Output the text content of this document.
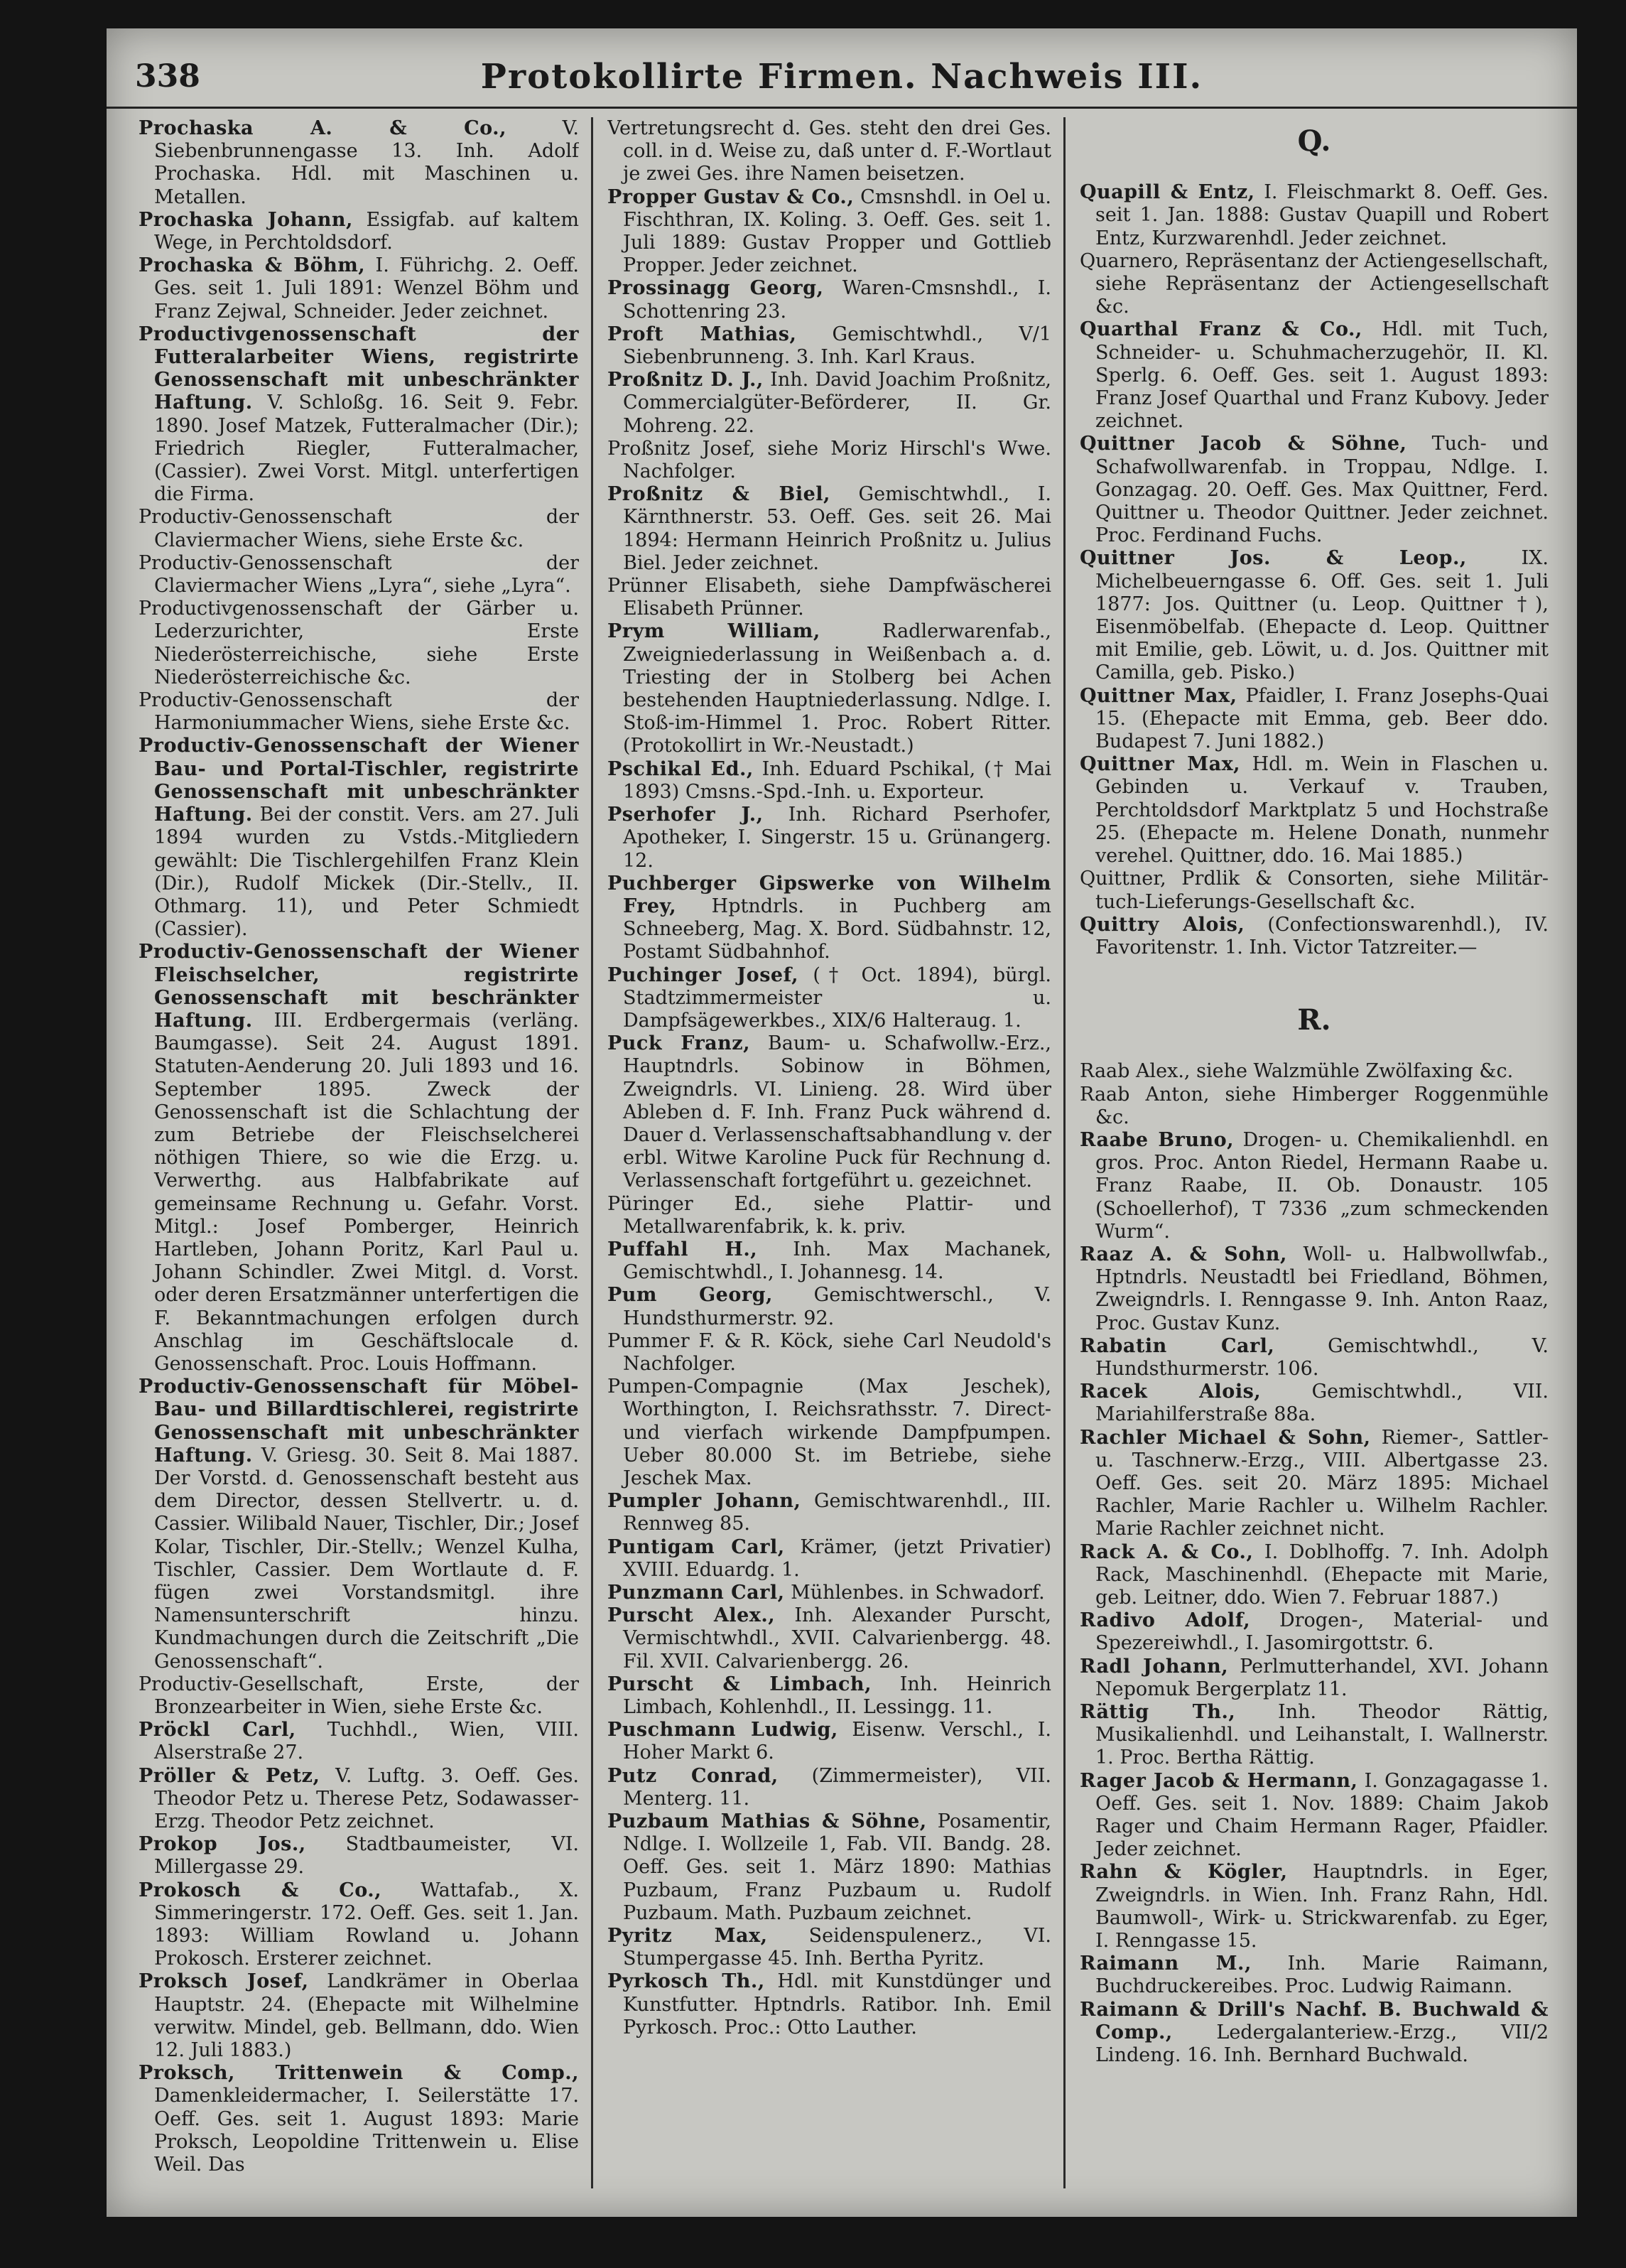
338	Protokollirte Firmen. Nachweis III.

Prochaska A. & Co., V. Siebenbrunnengasse 13. Inh. Adolf Prochaska. Hdl. mit Maschinen u. Metallen.

Prochaska Johann, Essigfab. auf kaltem Wege, in Perchtoldsdorf.

Prochaska & Böhm, I. Führichg. 2. Oeff. Ges. seit 1. Juli 1891: Wenzel Böhm und Franz Zejwal, Schneider. Jeder zeichnet.

Productivgenossenschaft der Futteralarbeiter Wiens, registrirte Genossenschaft mit unbeschränkter Haftung. V. Schloßg. 16. Seit 9. Febr. 1890. Josef Matzek, Futteralmacher (Dir.); Friedrich Riegler, Futteralmacher, (Cassier). Zwei Vorst. Mitgl. unterfertigen die Firma.

Productiv-Genossenschaft der Claviermacher Wiens, siehe Erste &c.

Productiv-Genossenschaft der Claviermacher Wiens „Lyra“, siehe „Lyra“.

Productivgenossenschaft der Gärber u. Lederzurichter, Erste Niederösterreichische, siehe Erste Niederösterreichische &c.

Productiv-Genossenschaft der Harmoniummacher Wiens, siehe Erste &c.

Productiv-Genossenschaft der Wiener Bau- und Portal-Tischler, registrirte Genossenschaft mit unbeschränkter Haftung. Bei der constit. Vers. am 27. Juli 1894 wurden zu Vstds.-Mitgliedern gewählt: Die Tischlergehilfen Franz Klein (Dir.), Rudolf Mickek (Dir.-Stellv., II. Othmarg. 11), und Peter Schmiedt (Cassier).

Productiv-Genossenschaft der Wiener Fleischselcher, registrirte Genossenschaft mit beschränkter Haftung. III. Erdbergermais (verläng. Baumgasse). Seit 24. August 1891. Statuten-Aenderung 20. Juli 1893 und 16. September 1895. Zweck der Genossenschaft ist die Schlachtung der zum Betriebe der Fleischselcherei nöthigen Thiere, so wie die Erzg. u. Verwerthg. aus Halbfabrikate auf gemeinsame Rechnung u. Gefahr. Vorst. Mitgl.: Josef Pomberger, Heinrich Hartleben, Johann Poritz, Karl Paul u. Johann Schindler. Zwei Mitgl. d. Vorst. oder deren Ersatzmänner unterfertigen die F. Bekanntmachungen erfolgen durch Anschlag im Geschäftslocale d. Genossenschaft. Proc. Louis Hoffmann.

Productiv-Genossenschaft für Möbel-Bau- und Billardtischlerei, registrirte Genossenschaft mit unbeschränkter Haftung. V. Griesg. 30. Seit 8. Mai 1887. Der Vorstd. d. Genossenschaft besteht aus dem Director, dessen Stellvertr. u. d. Cassier. Wilibald Nauer, Tischler, Dir.; Josef Kolar, Tischler, Dir.-Stellv.; Wenzel Kulha, Tischler, Cassier. Dem Wortlaute d. F. fügen zwei Vorstandsmitgl. ihre Namensunterschrift hinzu. Kundmachungen durch die Zeitschrift „Die Genossenschaft“.

Productiv-Gesellschaft, Erste, der Bronzearbeiter in Wien, siehe Erste &c.

Pröckl Carl, Tuchhdl., Wien, VIII. Alserstraße 27.

Pröller & Petz, V. Luftg. 3. Oeff. Ges. Theodor Petz u. Therese Petz, Sodawasser-Erzg. Theodor Petz zeichnet.

Prokop Jos., Stadtbaumeister, VI. Millergasse 29.

Prokosch & Co., Wattafab., X. Simmeringerstr. 172. Oeff. Ges. seit 1. Jan. 1893: William Rowland u. Johann Prokosch. Ersterer zeichnet.

Proksch Josef, Landkrämer in Oberlaa Hauptstr. 24. (Ehepacte mit Wilhelmine verwitw. Mindel, geb. Bellmann, ddo. Wien 12. Juli 1883.)

Proksch, Trittenwein & Comp., Damenkleidermacher, I. Seilerstätte 17. Oeff. Ges. seit 1. August 1893: Marie Proksch, Leopoldine Trittenwein u. Elise Weil. Das

Vertretungsrecht d. Ges. steht den drei Ges. coll. in d. Weise zu, daß unter d. F.-Wortlaut je zwei Ges. ihre Namen beisetzen.

Propper Gustav & Co., Cmsnshdl. in Oel u. Fischthran, IX. Koling. 3. Oeff. Ges. seit 1. Juli 1889: Gustav Propper und Gottlieb Propper. Jeder zeichnet.

Prossinagg Georg, Waren-Cmsnshdl., I. Schottenring 23.

Proft Mathias, Gemischtwhdl., V/1 Siebenbrunneng. 3. Inh. Karl Kraus.

Proßnitz D. J., Inh. David Joachim Proßnitz, Commercialgüter-Beförderer, II. Gr. Mohreng. 22.

Proßnitz Josef, siehe Moriz Hirschl's Wwe. Nachfolger.

Proßnitz & Biel, Gemischtwhdl., I. Kärnthnerstr. 53. Oeff. Ges. seit 26. Mai 1894: Hermann Heinrich Proßnitz u. Julius Biel. Jeder zeichnet.

Prünner Elisabeth, siehe Dampfwäscherei Elisabeth Prünner.

Prym William, Radlerwarenfab., Zweigniederlassung in Weißenbach a. d. Triesting der in Stolberg bei Achen bestehenden Hauptniederlassung. Ndlge. I. Stoß-im-Himmel 1. Proc. Robert Ritter. (Protokollirt in Wr.-Neustadt.)

Pschikal Ed., Inh. Eduard Pschikal, († Mai 1893) Cmsns.-Spd.-Inh. u. Exporteur.

Pserhofer J., Inh. Richard Pserhofer, Apotheker, I. Singerstr. 15 u. Grünangerg. 12.

Puchberger Gipswerke von Wilhelm Frey, Hptndrls. in Puchberg am Schneeberg, Mag. X. Bord. Südbahnstr. 12, Postamt Südbahnhof.

Puchinger Josef, († Oct. 1894), bürgl. Stadtzimmermeister u. Dampfsägewerkbes., XIX/6 Halteraug. 1.

Puck Franz, Baum- u. Schafwollw.-Erz., Hauptndrls. Sobinow in Böhmen, Zweigndrls. VI. Linieng. 28. Wird über Ableben d. F. Inh. Franz Puck während d. Dauer d. Verlassenschaftsabhandlung v. der erbl. Witwe Karoline Puck für Rechnung d. Verlassenschaft fortgeführt u. gezeichnet.

Püringer Ed., siehe Plattir- und Metallwarenfabrik, k. k. priv.

Puffahl H., Inh. Max Machanek, Gemischtwhdl., I. Johannesg. 14.

Pum Georg, Gemischtwerschl., V. Hundsthurmerstr. 92.

Pummer F. & R. Köck, siehe Carl Neudold's Nachfolger.

Pumpen-Compagnie (Max Jeschek), Worthington, I. Reichsrathsstr. 7. Direct- und vierfach wirkende Dampfpumpen. Ueber 80.000 St. im Betriebe, siehe Jeschek Max.

Pumpler Johann, Gemischtwarenhdl., III. Rennweg 85.

Puntigam Carl, Krämer, (jetzt Privatier) XVIII. Eduardg. 1.

Punzmann Carl, Mühlenbes. in Schwadorf.

Purscht Alex., Inh. Alexander Purscht, Vermischtwhdl., XVII. Calvarienbergg. 48. Fil. XVII. Calvarienbergg. 26.

Purscht & Limbach, Inh. Heinrich Limbach, Kohlenhdl., II. Lessingg. 11.

Puschmann Ludwig, Eisenw. Verschl., I. Hoher Markt 6.

Putz Conrad, (Zimmermeister), VII. Menterg. 11.

Puzbaum Mathias & Söhne, Posamentir, Ndlge. I. Wollzeile 1, Fab. VII. Bandg. 28. Oeff. Ges. seit 1. März 1890: Mathias Puzbaum, Franz Puzbaum u. Rudolf Puzbaum. Math. Puzbaum zeichnet.

Pyritz Max, Seidenspulenerz., VI. Stumpergasse 45. Inh. Bertha Pyritz.

Pyrkosch Th., Hdl. mit Kunstdünger und Kunstfutter. Hptndrls. Ratibor. Inh. Emil Pyrkosch. Proc.: Otto Lauther.

Q.

Quapill & Entz, I. Fleischmarkt 8. Oeff. Ges. seit 1. Jan. 1888: Gustav Quapill und Robert Entz, Kurzwarenhdl. Jeder zeichnet.

Quarnero, Repräsentanz der Actiengesellschaft, siehe Repräsentanz der Actiengesellschaft &c.

Quarthal Franz & Co., Hdl. mit Tuch, Schneider- u. Schuhmacherzugehör, II. Kl. Sperlg. 6. Oeff. Ges. seit 1. August 1893: Franz Josef Quarthal und Franz Kubovy. Jeder zeichnet.

Quittner Jacob & Söhne, Tuch- und Schafwollwarenfab. in Troppau, Ndlge. I. Gonzagag. 20. Oeff. Ges. Max Quittner, Ferd. Quittner u. Theodor Quittner. Jeder zeichnet. Proc. Ferdinand Fuchs.

Quittner Jos. & Leop., IX. Michelbeuerngasse 6. Off. Ges. seit 1. Juli 1877: Jos. Quittner (u. Leop. Quittner †), Eisenmöbelfab. (Ehepacte d. Leop. Quittner mit Emilie, geb. Löwit, u. d. Jos. Quittner mit Camilla, geb. Pisko.)

Quittner Max, Pfaidler, I. Franz Josephs-Quai 15. (Ehepacte mit Emma, geb. Beer ddo. Budapest 7. Juni 1882.)

Quittner Max, Hdl. m. Wein in Flaschen u. Gebinden u. Verkauf v. Trauben, Perchtoldsdorf Marktplatz 5 und Hochstraße 25. (Ehepacte m. Helene Donath, nunmehr verehel. Quittner, ddo. 16. Mai 1885.)

Quittner, Prdlik & Consorten, siehe Militär-tuch-Lieferungs-Gesellschaft &c.

Quittry Alois, (Confectionswarenhdl.), IV. Favoritenstr. 1. Inh. Victor Tatzreiter.—

R.

Raab Alex., siehe Walzmühle Zwölfaxing &c.

Raab Anton, siehe Himberger Roggenmühle &c.

Raabe Bruno, Drogen- u. Chemikalienhdl. en gros. Proc. Anton Riedel, Hermann Raabe u. Franz Raabe, II. Ob. Donaustr. 105 (Schoellerhof), T 7336 „zum schmeckenden Wurm“.

Raaz A. & Sohn, Woll- u. Halbwollwfab., Hptndrls. Neustadtl bei Friedland, Böhmen, Zweigndrls. I. Renngasse 9. Inh. Anton Raaz, Proc. Gustav Kunz.

Rabatin Carl, Gemischtwhdl., V. Hundsthurmerstr. 106.

Racek Alois, Gemischtwhdl., VII. Mariahilferstraße 88a.

Rachler Michael & Sohn, Riemer-, Sattler- u. Taschnerw.-Erzg., VIII. Albertgasse 23. Oeff. Ges. seit 20. März 1895: Michael Rachler, Marie Rachler u. Wilhelm Rachler. Marie Rachler zeichnet nicht.

Rack A. & Co., I. Doblhoffg. 7. Inh. Adolph Rack, Maschinenhdl. (Ehepacte mit Marie, geb. Leitner, ddo. Wien 7. Februar 1887.)

Radivo Adolf, Drogen-, Material- und Spezereiwhdl., I. Jasomirgottstr. 6.

Radl Johann, Perlmutterhandel, XVI. Johann Nepomuk Bergerplatz 11.

Rättig Th., Inh. Theodor Rättig, Musikalienhdl. und Leihanstalt, I. Wallnerstr. 1. Proc. Bertha Rättig.

Rager Jacob & Hermann, I. Gonzagagasse 1. Oeff. Ges. seit 1. Nov. 1889: Chaim Jakob Rager und Chaim Hermann Rager, Pfaidler. Jeder zeichnet.

Rahn & Kögler, Hauptndrls. in Eger, Zweigndrls. in Wien. Inh. Franz Rahn, Hdl. Baumwoll-, Wirk- u. Strickwarenfab. zu Eger, I. Renngasse 15.

Raimann M., Inh. Marie Raimann, Buchdruckereibes. Proc. Ludwig Raimann.

Raimann & Drill's Nachf. B. Buchwald & Comp., Ledergalanteriew.-Erzg., VII/2 Lindeng. 16. Inh. Bernhard Buchwald.
